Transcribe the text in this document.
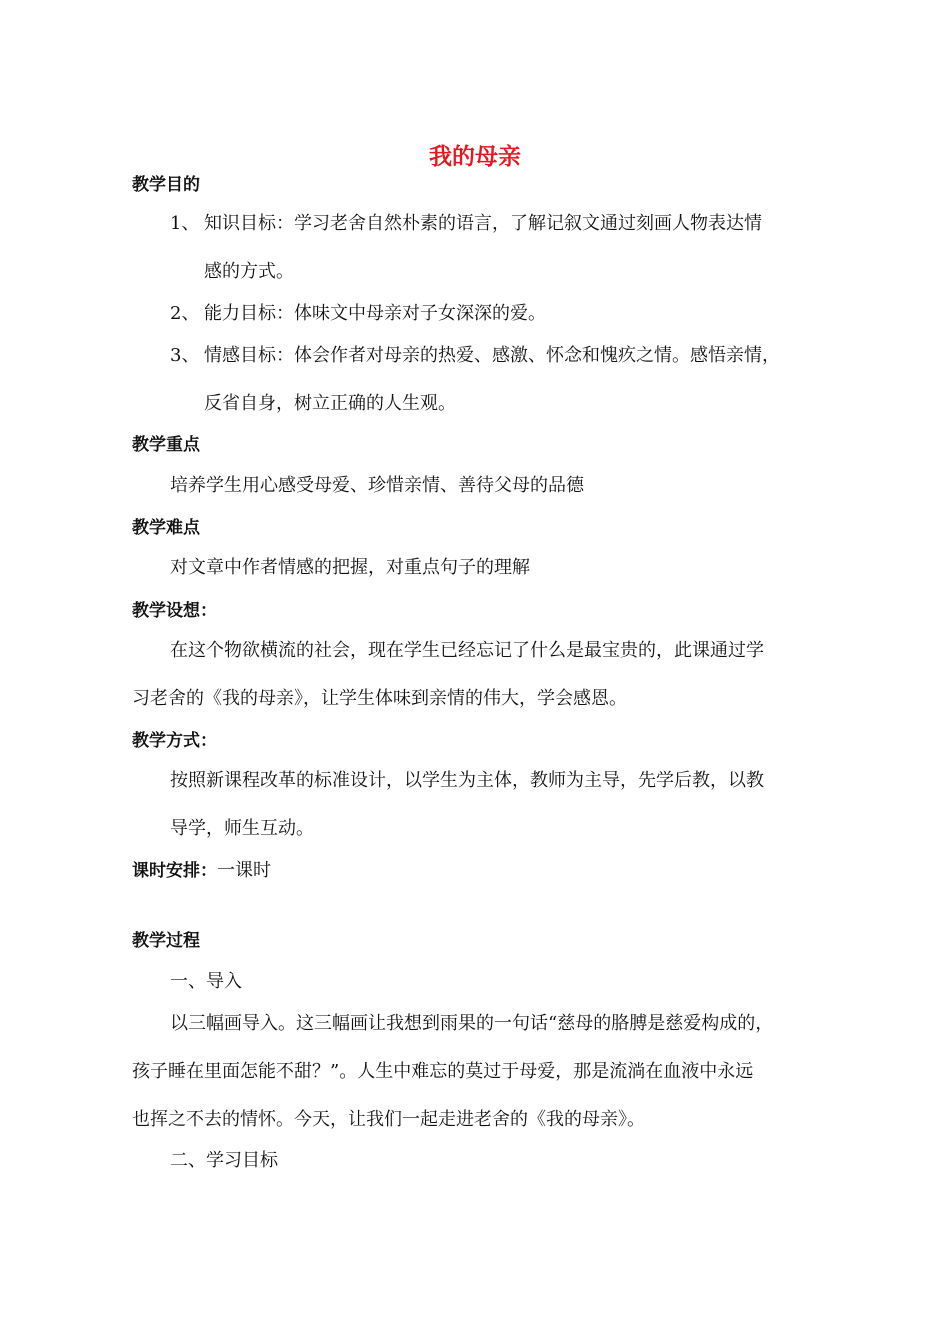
我的母亲
教学目的
1、 知识目标：学习老舍自然朴素的语言，了解记叙文通过刻画人物表达情
感的方式。
2、 能力目标：体味文中母亲对子女深深的爱。
3、 情感目标：体会作者对母亲的热爱、感激、怀念和愧疚之情。感悟亲情，
反省自身，树立正确的人生观。
教学重点
培养学生用心感受母爱、珍惜亲情、善待父母的品德
教学难点
对文章中作者情感的把握，对重点句子的理解
教学设想：
在这个物欲横流的社会，现在学生已经忘记了什么是最宝贵的，此课通过学
习老舍的《我的母亲》，让学生体味到亲情的伟大，学会感恩。
教学方式：
按照新课程改革的标准设计，以学生为主体，教师为主导，先学后教，以教
导学，师生互动。
课时安排：一课时
教学过程
一、导入
以三幅画导入。这三幅画让我想到雨果的一句话“慈母的胳膊是慈爱构成的，
孩子睡在里面怎能不甜？”。人生中难忘的莫过于母爱，那是流淌在血液中永远
也挥之不去的情怀。今天，让我们一起走进老舍的《我的母亲》。
二、学习目标
